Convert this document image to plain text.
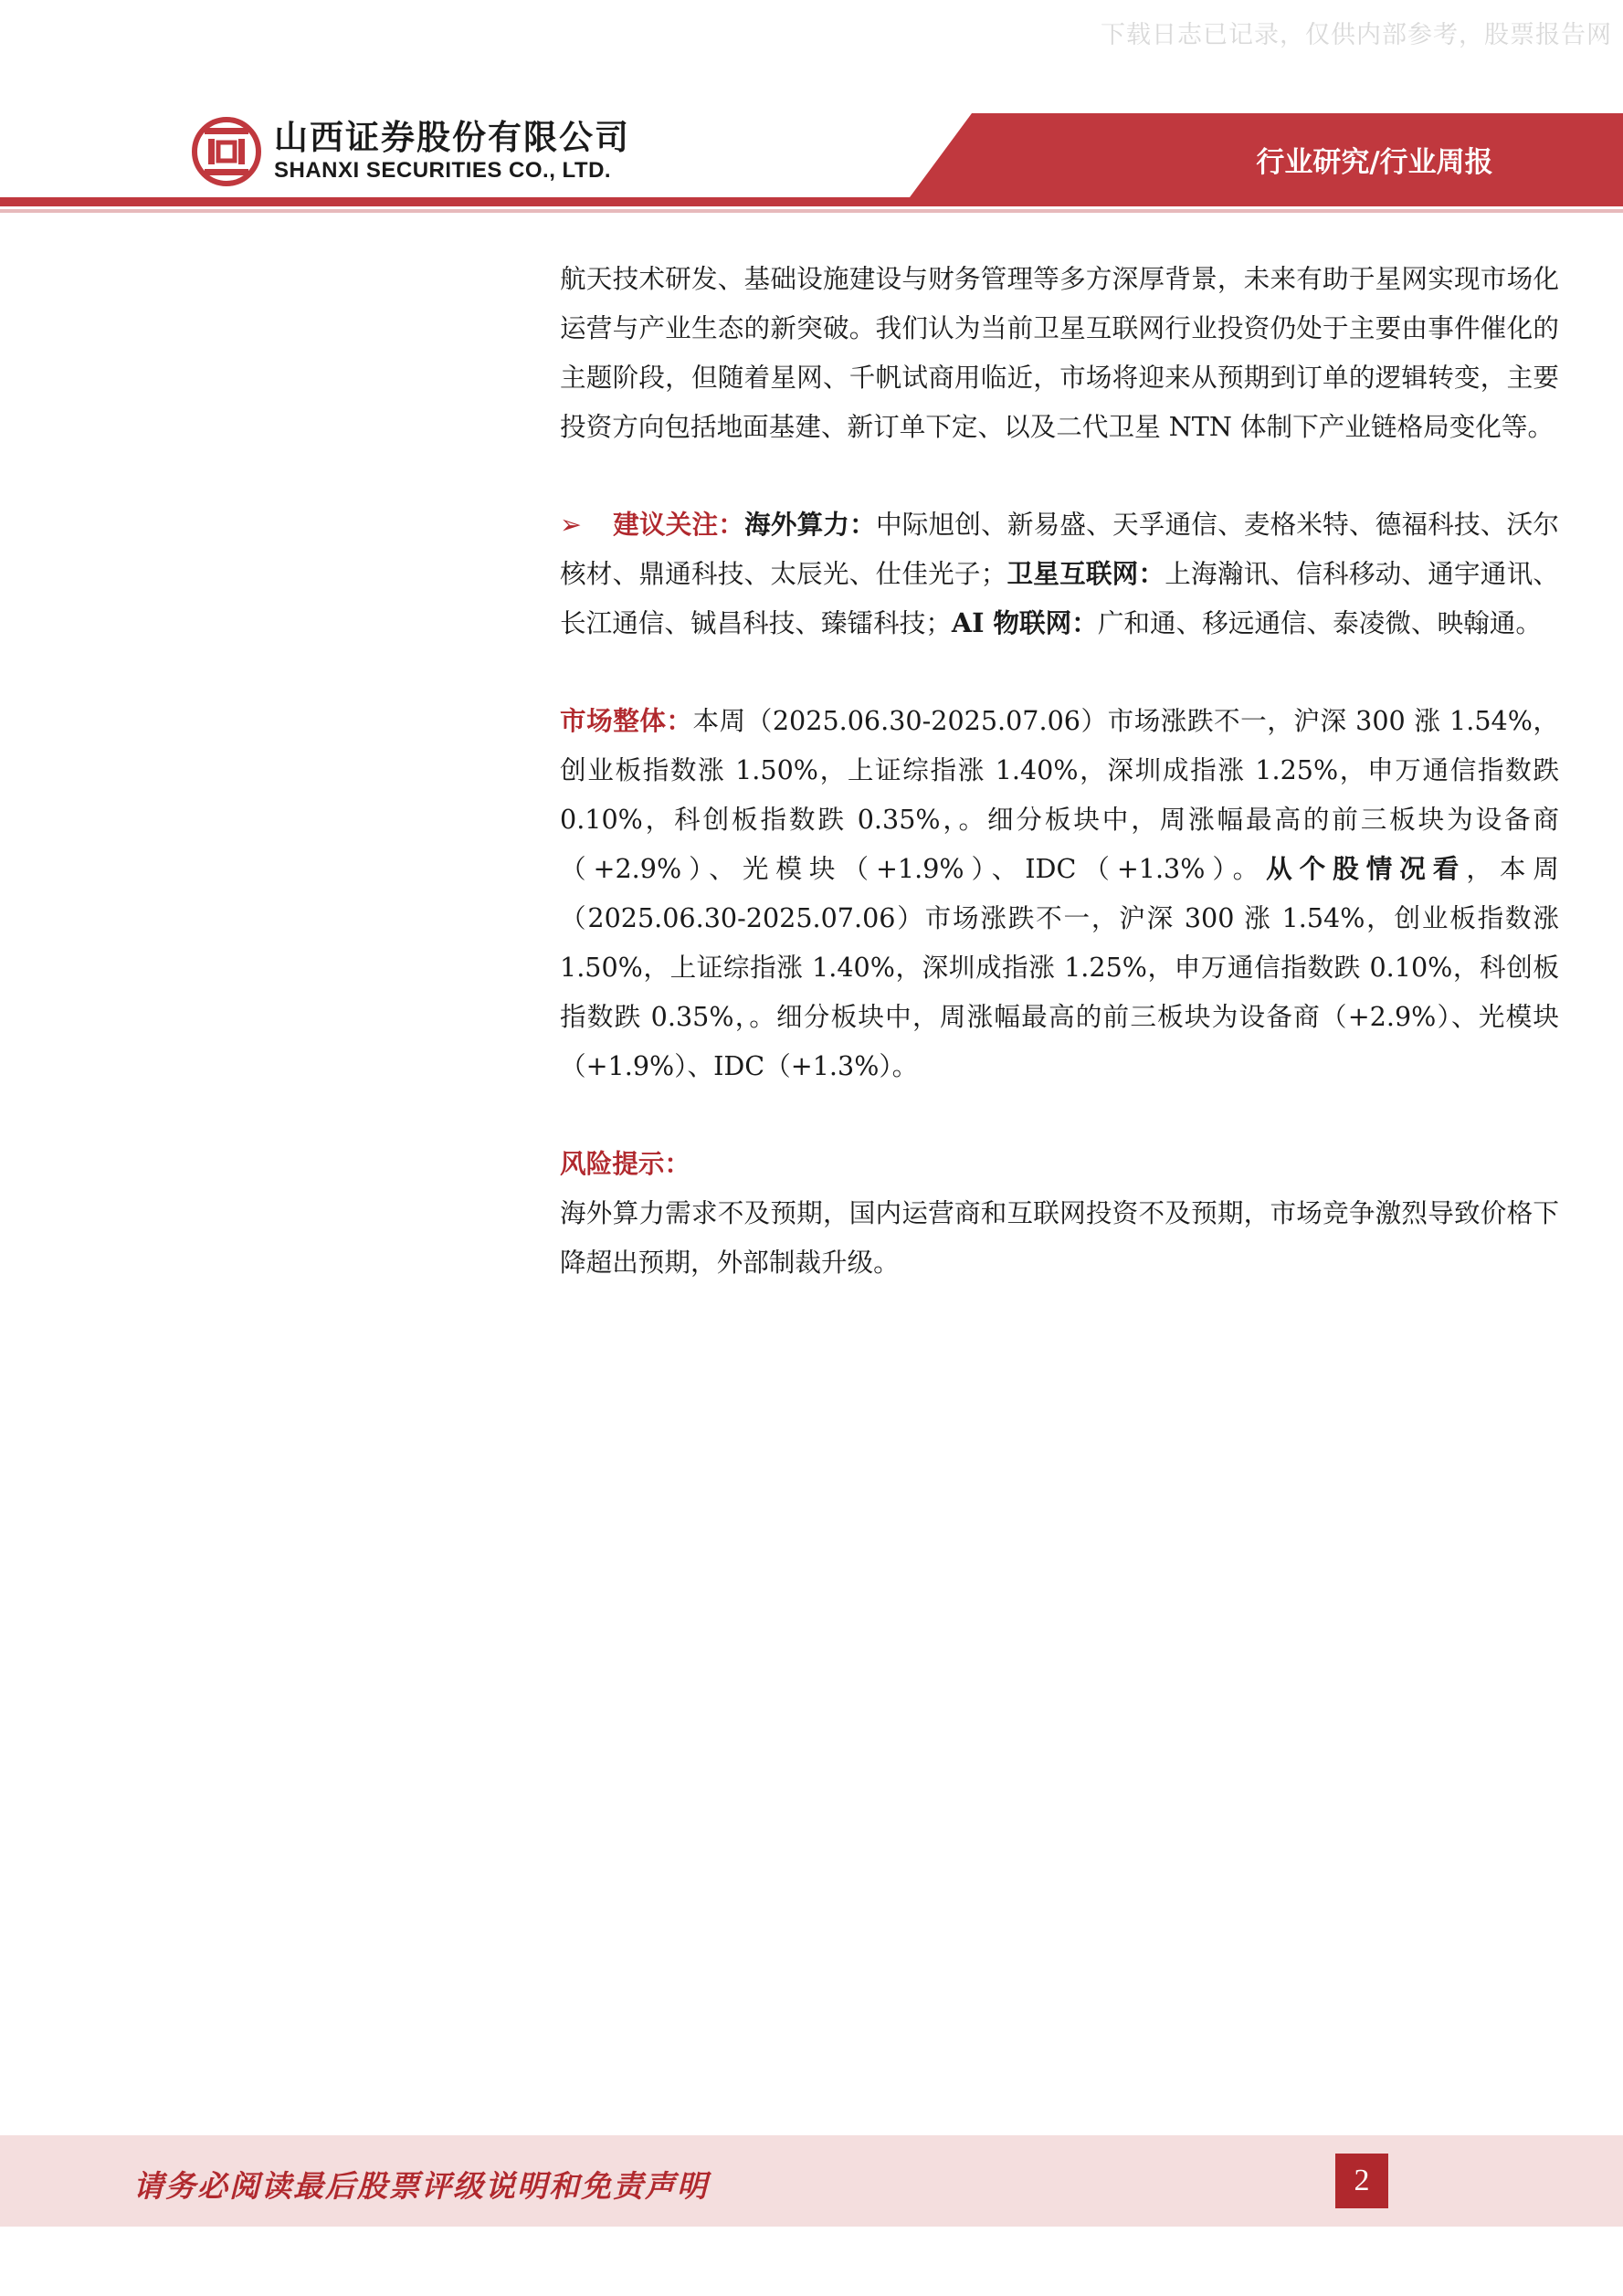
下载日志已记录，仅供内部参考，股票报告网
山西证券股份有限公司
SHANXI SECURITIES CO., LTD.	行业研究/行业周报

航天技术研发、基础设施建设与财务管理等多方深厚背景，未来有助于星网实现市场化运营与产业生态的新突破。我们认为当前卫星互联网行业投资仍处于主要由事件催化的主题阶段，但随着星网、千帆试商用临近，市场将迎来从预期到订单的逻辑转变，主要投资方向包括地面基建、新订单下定、以及二代卫星 NTN 体制下产业链格局变化等。

➢ 建议关注：海外算力：中际旭创、新易盛、天孚通信、麦格米特、德福科技、沃尔核材、鼎通科技、太辰光、仕佳光子；卫星互联网：上海瀚讯、信科移动、通宇通讯、长江通信、铖昌科技、臻镭科技；AI 物联网：广和通、移远通信、泰凌微、映翰通。

市场整体：本周（2025.06.30-2025.07.06）市场涨跌不一，沪深 300 涨 1.54%，创业板指数涨 1.50%，上证综指涨 1.40%，深圳成指涨 1.25%，申万通信指数跌 0.10%，科创板指数跌 0.35%，。细分板块中，周涨幅最高的前三板块为设备商（+2.9%）、光模块（+1.9%）、IDC（+1.3%）。从个股情况看，本周（2025.06.30-2025.07.06）市场涨跌不一，沪深 300 涨 1.54%，创业板指数涨 1.50%，上证综指涨 1.40%，深圳成指涨 1.25%，申万通信指数跌 0.10%，科创板指数跌 0.35%，。细分板块中，周涨幅最高的前三板块为设备商（+2.9%）、光模块（+1.9%）、IDC（+1.3%）。

风险提示：

海外算力需求不及预期，国内运营商和互联网投资不及预期，市场竞争激烈导致价格下降超出预期，外部制裁升级。

请务必阅读最后股票评级说明和免责声明	2
